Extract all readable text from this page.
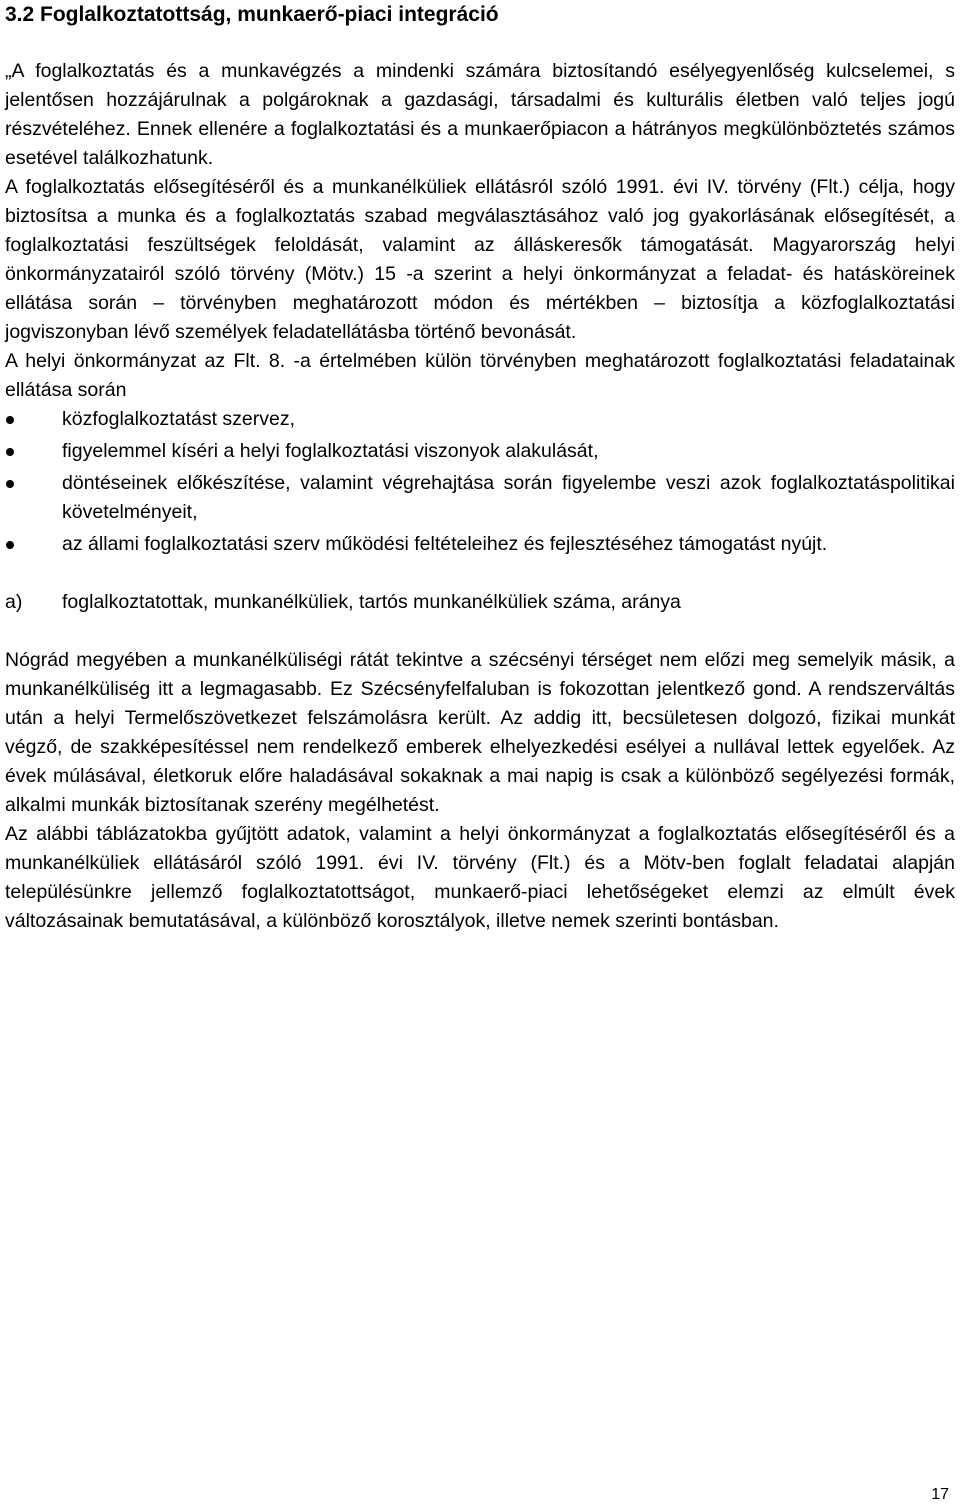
3.2 Foglalkoztatottság, munkaerő-piaci integráció

„A foglalkoztatás és a munkavégzés a mindenki számára biztosítandó esélyegyenlőség kulcselemei, s jelentősen hozzájárulnak a polgároknak a gazdasági, társadalmi és kulturális életben való teljes jogú részvételéhez. Ennek ellenére a foglalkoztatási és a munkaerőpiacon a hátrányos megkülönböztetés számos esetével találkozhatunk.

A foglalkoztatás elősegítéséről és a munkanélküliek ellátásról szóló 1991. évi IV. törvény (Flt.) célja, hogy biztosítsa a munka és a foglalkoztatás szabad megválasztásához való jog gyakorlásának elősegítését, a foglalkoztatási feszültségek feloldását, valamint az álláskeresők támogatását. Magyarország helyi önkormányzatairól szóló törvény (Mötv.) 15 -a szerint a helyi önkormányzat a feladat- és hatásköreinek ellátása során – törvényben meghatározott módon és mértékben – biztosítja a közfoglalkoztatási jogviszonyban lévő személyek feladatellátásba történő bevonását.

A helyi önkormányzat az Flt. 8. -a értelmében külön törvényben meghatározott foglalkoztatási feladatainak ellátása során

közfoglalkoztatást szervez,
figyelemmel kíséri a helyi foglalkoztatási viszonyok alakulását,
döntéseinek előkészítése, valamint végrehajtása során figyelembe veszi azok foglalkoztatáspolitikai követelményeit,
az állami foglalkoztatási szerv működési feltételeihez és fejlesztéséhez támogatást nyújt.
a) foglalkoztatottak, munkanélküliek, tartós munkanélküliek száma, aránya

Nógrád megyében a munkanélküliségi rátát tekintve a szécsényi térséget nem előzi meg semelyik másik, a munkanélküliség itt a legmagasabb. Ez Szécsényfelfaluban is fokozottan jelentkező gond. A rendszerváltás után a helyi Termelőszövetkezet felszámolásra került. Az addig itt, becsületesen dolgozó, fizikai munkát végző, de szakképesítéssel nem rendelkező emberek elhelyezkedési esélyei a nullával lettek egyelőek. Az évek múlásával, életkoruk előre haladásával sokaknak a mai napig is csak a különböző segélyezési formák, alkalmi munkák biztosítanak szerény megélhetést.

Az alábbi táblázatokba gyűjtött adatok, valamint a helyi önkormányzat a foglalkoztatás elősegítéséről és a munkanélküliek ellátásáról szóló 1991. évi IV. törvény (Flt.) és a Mötv-ben foglalt feladatai alapján településünkre jellemző foglalkoztatottságot, munkaerő-piaci lehetőségeket elemzi az elmúlt évek változásainak bemutatásával, a különböző korosztályok, illetve nemek szerinti bontásban.

17
